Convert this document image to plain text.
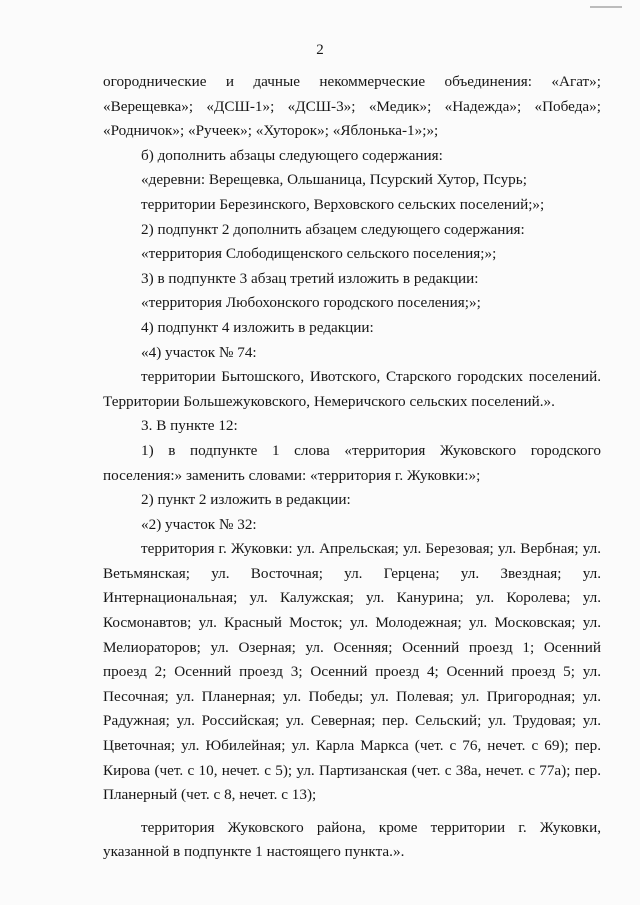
2

огороднические и дачные некоммерческие объединения: «Агат»; «Верещевка»; «ДСШ-1»; «ДСШ-3»; «Медик»; «Надежда»; «Победа»; «Родничок»; «Ручеек»; «Хуторок»; «Яблонька-1»;»;

б) дополнить абзацы следующего содержания:

«деревни: Верещевка, Ольшаница, Псурский Хутор, Псурь;

территории Березинского, Верховского сельских поселений;»;

2) подпункт 2 дополнить абзацем следующего содержания:

«территория Слободищенского сельского поселения;»;

3) в подпункте 3 абзац третий изложить в редакции:

«территория Любохонского городского поселения;»;

4) подпункт 4 изложить в редакции:

«4) участок № 74:

территории Бытошского, Ивотского, Старского городских поселений. Территории Большежуковского, Немеричского сельских поселений.».

3. В пункте 12:

1) в подпункте 1 слова «территория Жуковского городского поселения:» заменить словами: «территория г. Жуковки:»;

2) пункт 2 изложить в редакции:

«2) участок № 32:

территория г. Жуковки: ул. Апрельская; ул. Березовая; ул. Вербная; ул. Ветьмянская; ул. Восточная; ул. Герцена; ул. Звездная; ул. Интернациональная; ул. Калужская; ул. Канурина; ул. Королева; ул. Космонавтов; ул. Красный Мосток; ул. Молодежная; ул. Московская; ул. Мелиораторов; ул. Озерная; ул. Осенняя; Осенний проезд 1; Осенний проезд 2; Осенний проезд 3; Осенний проезд 4; Осенний проезд 5; ул. Песочная; ул. Планерная; ул. Победы; ул. Полевая; ул. Пригородная; ул. Радужная; ул. Российская; ул. Северная; пер. Сельский; ул. Трудовая; ул. Цветочная; ул. Юбилейная; ул. Карла Маркса (чет. с 76, нечет. с 69); пер. Кирова (чет. с 10, нечет. с 5); ул. Партизанская (чет. с 38а, нечет. с 77а); пер. Планерный (чет. с 8, нечет. с 13);

территория Жуковского района, кроме территории г. Жуковки, указанной в подпункте 1 настоящего пункта.».
